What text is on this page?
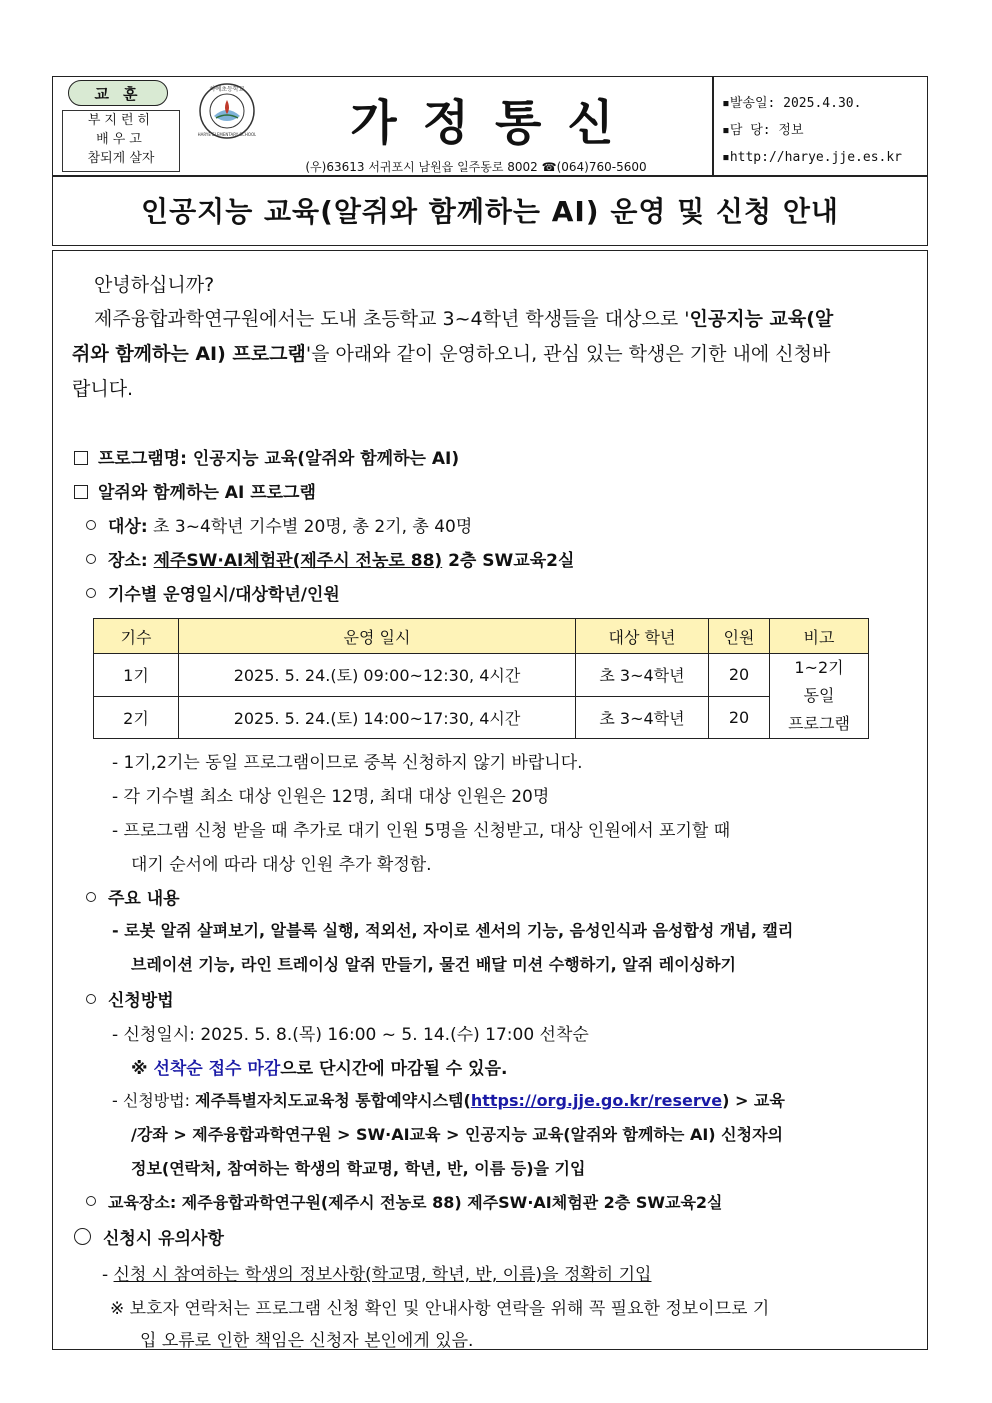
교훈
부지런히
배우고
참되게 살자
하예초등학교
HARYE ELEMENTARY SCHOOL	가정통신
(우)63613 서귀포시 남원읍 일주동로 8002 ☎(064)760-5600
▪발송일: 2025.4.30.
▪담 당: 정보
▪http://harye.jje.es.kr
인공지능 교육(알쥐와 함께하는 AI) 운영 및 신청 안내
안녕하십니까?
제주융합과학연구원에서는 도내 초등학교 3~4학년 학생들을 대상으로 '인공지능 교육(알
쥐와 함께하는 AI) 프로그램'을 아래와 같이 운영하오니, 관심 있는 학생은 기한 내에 신청바
랍니다.
프로그램명: 인공지능 교육(알쥐와 함께하는 AI)
알쥐와 함께하는 AI 프로그램
대상: 초 3~4학년 기수별 20명, 총 2기, 총 40명
장소: 제주SW·AI체험관(제주시 전농로 88) 2층 SW교육2실
기수별 운영일시/대상학년/인원
기수	운영 일시	대상 학년	인원	비고
1기	2025. 5. 24.(토) 09:00~12:30, 4시간	초 3~4학년	20	1~2기
동일
프로그램

2기	2025. 5. 24.(토) 14:00~17:30, 4시간	초 3~4학년	20	
- 1기,2기는 동일 프로그램이므로 중복 신청하지 않기 바랍니다.
- 각 기수별 최소 대상 인원은 12명, 최대 대상 인원은 20명
- 프로그램 신청 받을 때 추가로 대기 인원 5명을 신청받고, 대상 인원에서 포기할 때
대기 순서에 따라 대상 인원 추가 확정함.
주요 내용
- 로봇 알쥐 살펴보기, 알블록 실행, 적외선, 자이로 센서의 기능, 음성인식과 음성합성 개념, 캘리
브레이션 기능, 라인 트레이싱 알쥐 만들기, 물건 배달 미션 수행하기, 알쥐 레이싱하기
신청방법
- 신청일시: 2025. 5. 8.(목) 16:00 ~ 5. 14.(수) 17:00 선착순
※ 선착순 접수 마감으로 단시간에 마감될 수 있음.
- 신청방법: 제주특별자치도교육청 통합예약시스템(https://org.jje.go.kr/reserve) > 교육
/강좌 > 제주융합과학연구원 > SW·AI교육 > 인공지능 교육(알쥐와 함께하는 AI) 신청자의
정보(연락처, 참여하는 학생의 학교명, 학년, 반, 이름 등)을 기입
교육장소: 제주융합과학연구원(제주시 전농로 88) 제주SW·AI체험관 2층 SW교육2실
신청시 유의사항
- 신청 시 참여하는 학생의 정보사항(학교명, 학년, 반, 이름)을 정확히 기입
※ 보호자 연락처는 프로그램 신청 확인 및 안내사항 연락을 위해 꼭 필요한 정보이므로 기
입 오류로 인한 책임은 신청자 본인에게 있음.
